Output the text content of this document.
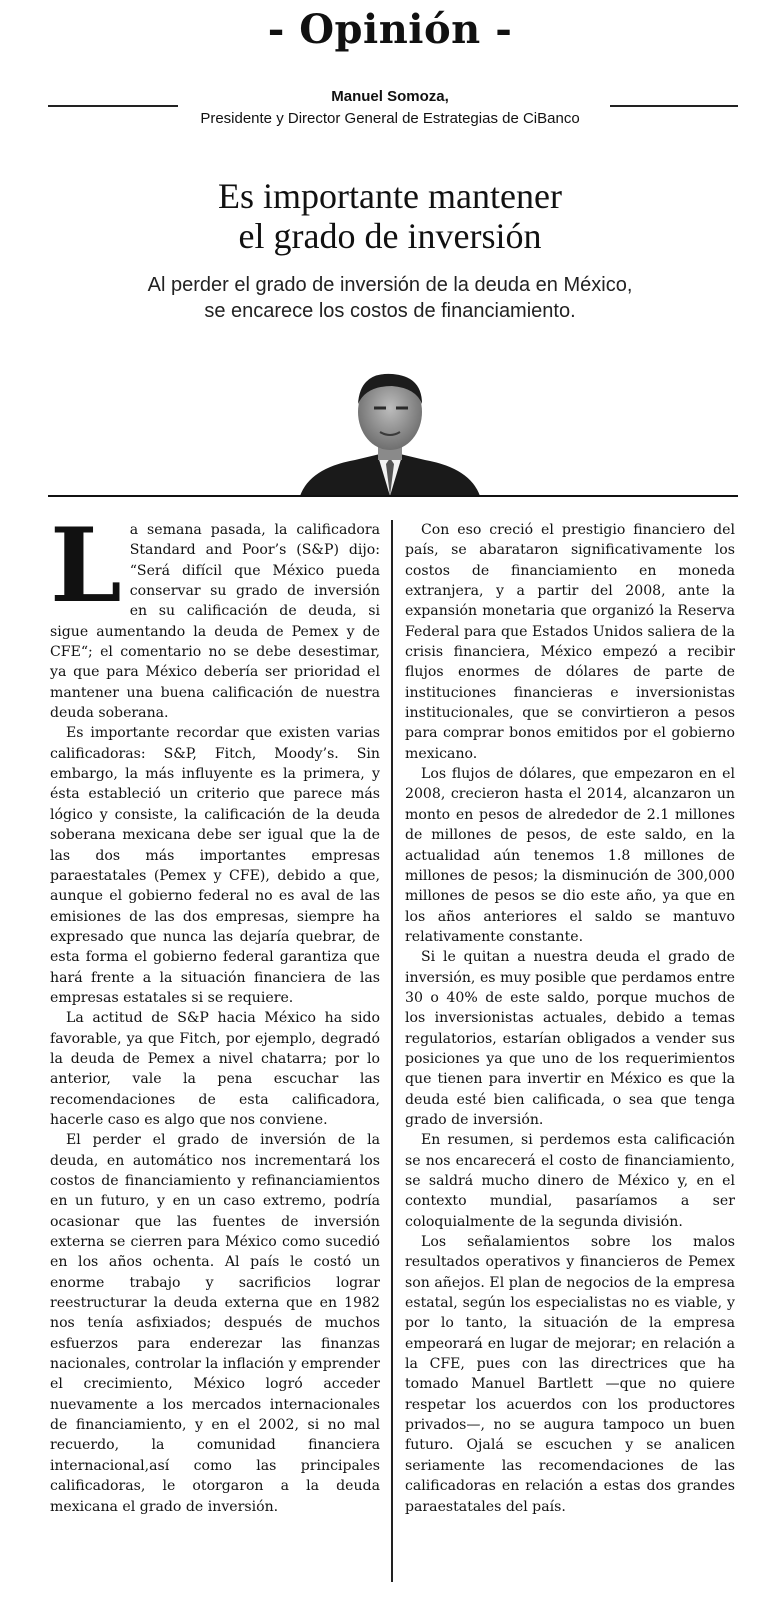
- Opinión -
Manuel Somoza,
Presidente y Director General de Estrategias de CiBanco
Es importante mantener
el grado de inversión
Al perder el grado de inversión de la deuda en México,
se encarece los costos de financiamiento.

La semana pasada, la calificadora Standard and Poor’s (S&P) dijo: “Será difícil que México pueda conservar su grado de inversión en su calificación de deuda, si sigue aumentando la deuda de Pemex y de CFE“; el comentario no se debe desestimar, ya que para México debería ser prioridad el mantener una buena calificación de nuestra deuda soberana.

Es importante recordar que existen varias calificadoras: S&P, Fitch, Moody’s. Sin embargo, la más influyente es la primera, y ésta estableció un criterio que parece más lógico y consiste, la calificación de la deuda soberana mexicana debe ser igual que la de las dos más importantes empresas paraestatales (Pemex y CFE), debido a que, aunque el gobierno federal no es aval de las emisiones de las dos empresas, siempre ha expresado que nunca las dejaría quebrar, de esta forma el gobierno federal garantiza que hará frente a la situación financiera de las empresas estatales si se requiere.

La actitud de S&P hacia México ha sido favorable, ya que Fitch, por ejemplo, degradó la deuda de Pemex a nivel chatarra; por lo anterior, vale la pena escuchar las recomendaciones de esta calificadora, hacerle caso es algo que nos conviene.

El perder el grado de inversión de la deuda, en automático nos incrementará los costos de financiamiento y refinanciamientos en un futuro, y en un caso extremo, podría ocasionar que las fuentes de inversión externa se cierren para México como sucedió en los años ochenta. Al país le costó un enorme trabajo y sacrificios lograr reestructurar la deuda externa que en 1982 nos tenía asfixiados; después de muchos esfuerzos para enderezar las finanzas nacionales, controlar la inflación y emprender el crecimiento, México logró acceder nuevamente a los mercados internacionales de financiamiento, y en el 2002, si no mal recuerdo, la comunidad financiera internacional,así como las principales calificadoras, le otorgaron a la deuda mexicana el grado de inversión.

Con eso creció el prestigio financiero del país, se abarataron significativamente los costos de financiamiento en moneda extranjera, y a partir del 2008, ante la expansión monetaria que organizó la Reserva Federal para que Estados Unidos saliera de la crisis financiera, México empezó a recibir flujos enormes de dólares de parte de instituciones financieras e inversionistas institucionales, que se convirtieron a pesos para comprar bonos emitidos por el gobierno mexicano.

Los flujos de dólares, que empezaron en el 2008, crecieron hasta el 2014, alcanzaron un monto en pesos de alrededor de 2.1 millones de millones de pesos, de este saldo, en la actualidad aún tenemos 1.8 millones de millones de pesos; la disminución de 300,000 millones de pesos se dio este año, ya que en los años anteriores el saldo se mantuvo relativamente constante.

Si le quitan a nuestra deuda el grado de inversión, es muy posible que perdamos entre 30 o 40% de este saldo, porque muchos de los inversionistas actuales, debido a temas regulatorios, estarían obligados a vender sus posiciones ya que uno de los requerimientos que tienen para invertir en México es que la deuda esté bien calificada, o sea que tenga grado de inversión.

En resumen, si perdemos esta calificación se nos encarecerá el costo de financiamiento, se saldrá mucho dinero de México y, en el contexto mundial, pasaríamos a ser coloquialmente de la segunda división.

Los señalamientos sobre los malos resultados operativos y financieros de Pemex son añejos. El plan de negocios de la empresa estatal, según los especialistas no es viable, y por lo tanto, la situación de la empresa empeorará en lugar de mejorar; en relación a la CFE, pues con las directrices que ha tomado Manuel Bartlett —que no quiere respetar los acuerdos con los productores privados—, no se augura tampoco un buen futuro. Ojalá se escuchen y se analicen seriamente las recomendaciones de las calificadoras en relación a estas dos grandes paraestatales del país.
